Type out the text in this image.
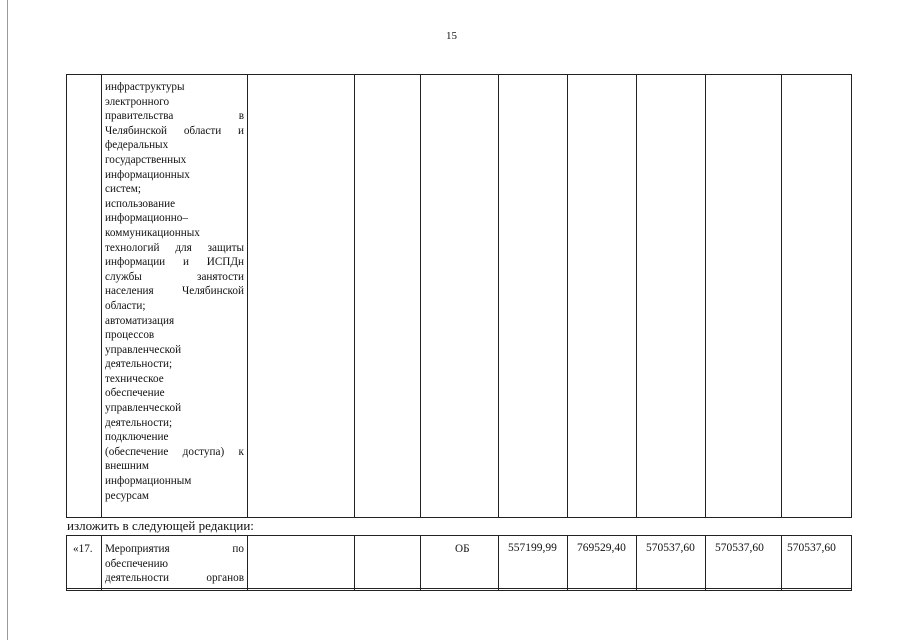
15
инфраструктуры
электронного
правительства в
Челябинской области и
федеральных
государственных
информационных
систем;
использование
информационно–
коммуникационных
технологий для защиты
информации и ИСПДн
службы занятости
населения Челябинской
области;
автоматизация
процессов
управленческой
деятельности;
техническое
обеспечение
управленческой
деятельности;
подключение
(обеспечение доступа) к
внешним
информационным
ресурсам
изложить в следующей редакции:
«17. Мероприятия по
обеспечению
деятельности органов
ОБ	557199,99 769529,40 570537,60 570537,60 570537,60
